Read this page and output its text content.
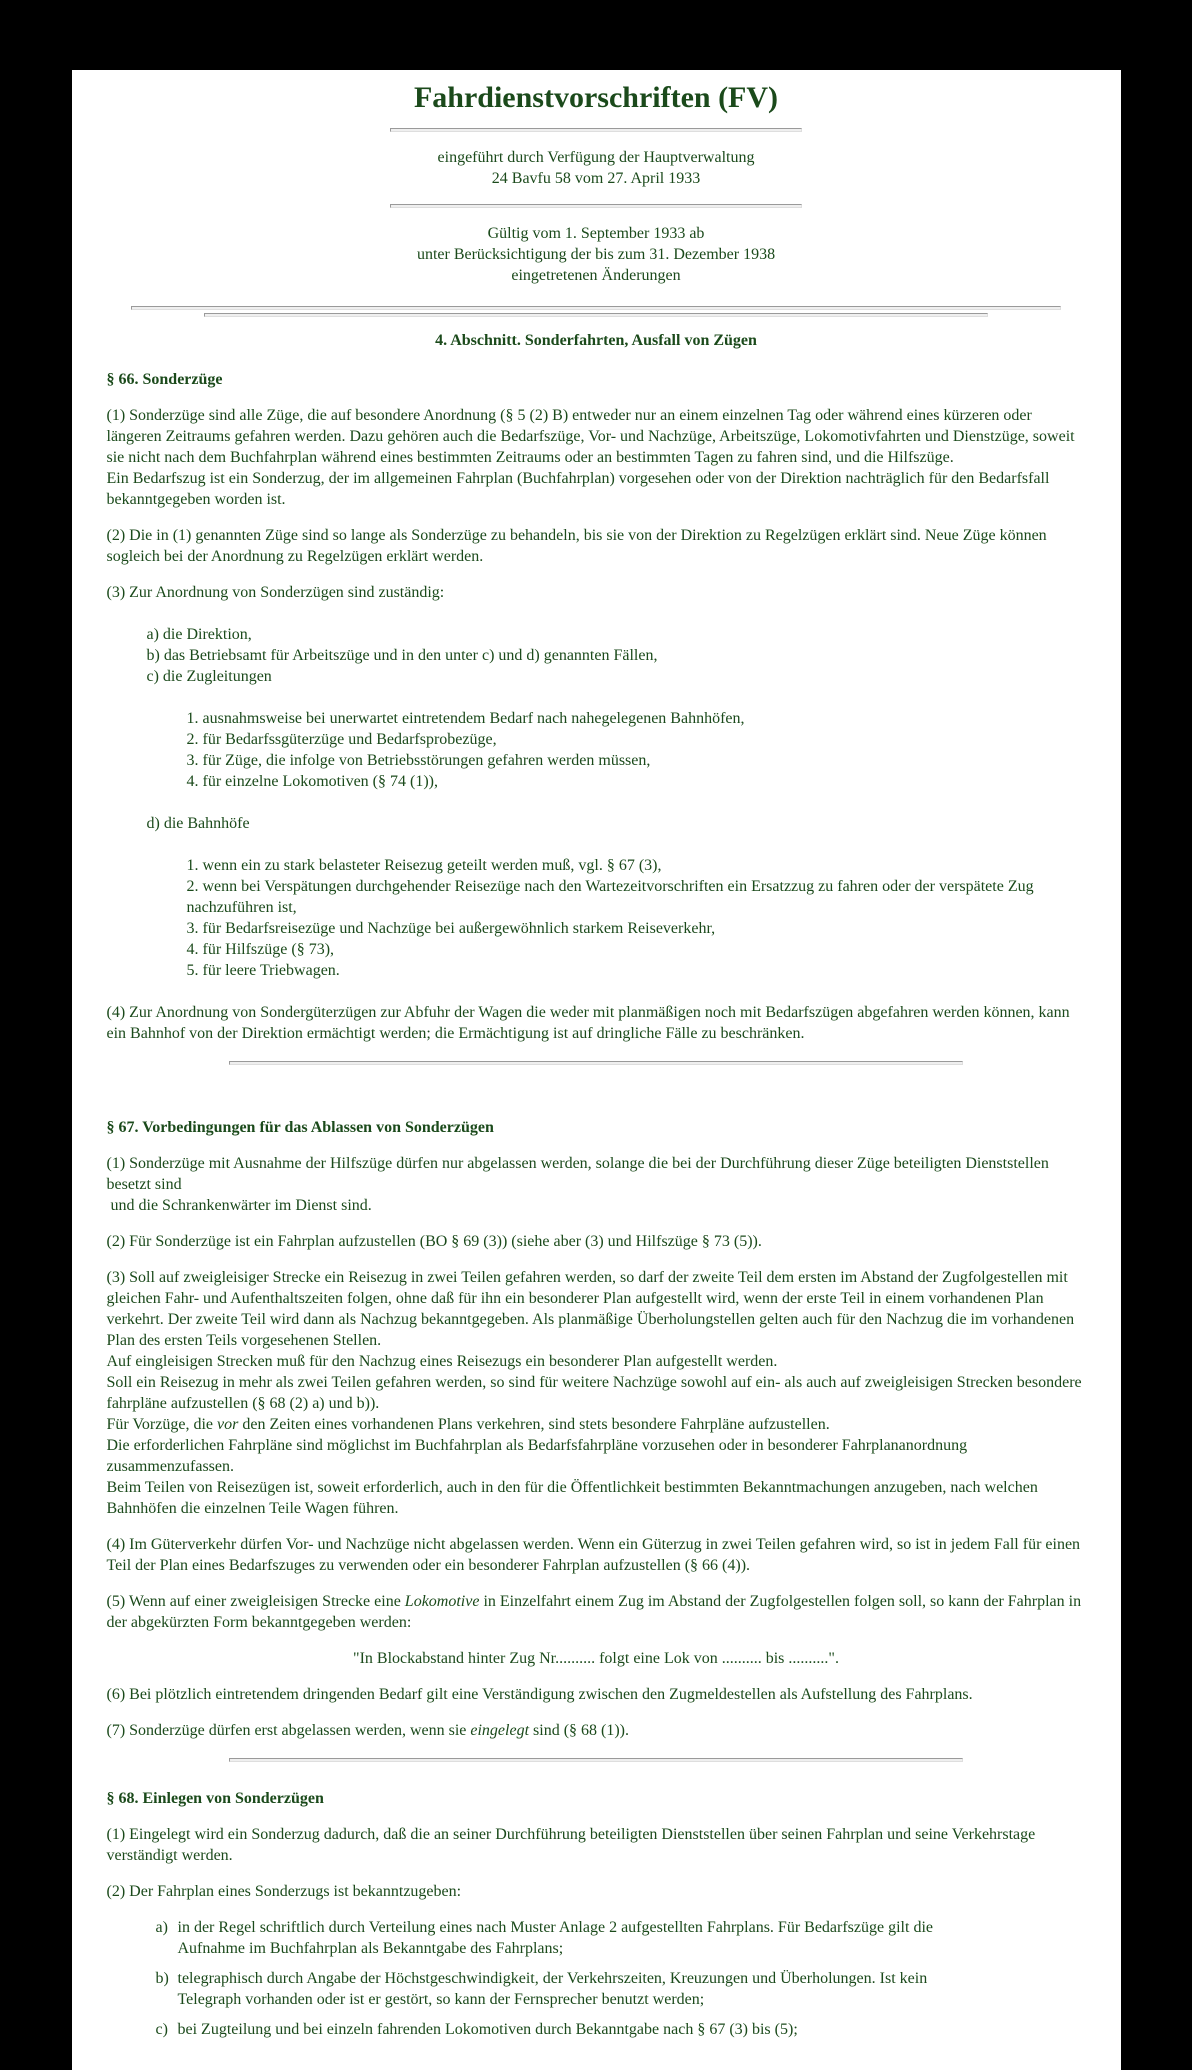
Fahrdienstvorschriften (FV)

eingeführt durch Verfügung der Hauptverwaltung
24 Bavfu 58 vom 27. April 1933

Gültig vom 1. September 1933 ab
unter Berücksichtigung der bis zum 31. Dezember 1938
eingetretenen Änderungen

4. Abschnitt. Sonderfahrten, Ausfall von Zügen
§ 66. Sonderzüge

(1) Sonderzüge sind alle Züge, die auf besondere Anordnung (§ 5 (2) B) entweder nur an einem einzelnen Tag oder während eines kürzeren oder längeren Zeitraums gefahren werden. Dazu gehören auch die Bedarfszüge, Vor- und Nachzüge, Arbeitszüge, Lokomotivfahrten und Dienstzüge, soweit sie nicht nach dem Buchfahrplan während eines bestimmten Zeitraums oder an bestimmten Tagen zu fahren sind, und die Hilfszüge.
Ein Bedarfszug ist ein Sonderzug, der im allgemeinen Fahrplan (Buchfahrplan) vorgesehen oder von der Direktion nachträglich für den Bedarfsfall bekanntgegeben worden ist.

(2) Die in (1) genannten Züge sind so lange als Sonderzüge zu behandeln, bis sie von der Direktion zu Regelzügen erklärt sind. Neue Züge können sogleich bei der Anordnung zu Regelzügen erklärt werden.

(3) Zur Anordnung von Sonderzügen sind zuständig:

a) die Direktion,
b) das Betriebsamt für Arbeitszüge und in den unter c) und d) genannten Fällen,
c) die Zugleitungen
1. ausnahmsweise bei unerwartet eintretendem Bedarf nach nahegelegenen Bahnhöfen,
2. für Bedarfssgüterzüge und Bedarfsprobezüge,
3. für Züge, die infolge von Betriebsstörungen gefahren werden müssen,
4. für einzelne Lokomotiven (§ 74 (1)),
d) die Bahnhöfe
1. wenn ein zu stark belasteter Reisezug geteilt werden muß, vgl. § 67 (3),
2. wenn bei Verspätungen durchgehender Reisezüge nach den Wartezeitvorschriften ein Ersatzzug zu fahren oder der verspätete Zug
nachzuführen ist,
3. für Bedarfsreisezüge und Nachzüge bei außergewöhnlich starkem Reiseverkehr,
4. für Hilfszüge (§ 73),
5. für leere Triebwagen.

(4) Zur Anordnung von Sondergüterzügen zur Abfuhr der Wagen die weder mit planmäßigen noch mit Bedarfszügen abgefahren werden können, kann ein Bahnhof von der Direktion ermächtigt werden; die Ermächtigung ist auf dringliche Fälle zu beschränken.

§ 67. Vorbedingungen für das Ablassen von Sonderzügen

(1) Sonderzüge mit Ausnahme der Hilfszüge dürfen nur abgelassen werden, solange die bei der Durchführung dieser Züge beteiligten Dienststellen besetzt sind
und die Schrankenwärter im Dienst sind.

(2) Für Sonderzüge ist ein Fahrplan aufzustellen (BO § 69 (3)) (siehe aber (3) und Hilfszüge § 73 (5)).

(3) Soll auf zweigleisiger Strecke ein Reisezug in zwei Teilen gefahren werden, so darf der zweite Teil dem ersten im Abstand der Zugfolgestellen mit gleichen Fahr- und Aufenthaltszeiten folgen, ohne daß für ihn ein besonderer Plan aufgestellt wird, wenn der erste Teil in einem vorhandenen Plan verkehrt. Der zweite Teil wird dann als Nachzug bekanntgegeben. Als planmäßige Überholungstellen gelten auch für den Nachzug die im vorhandenen Plan des ersten Teils vorgesehenen Stellen.
Auf eingleisigen Strecken muß für den Nachzug eines Reisezugs ein besonderer Plan aufgestellt werden.
Soll ein Reisezug in mehr als zwei Teilen gefahren werden, so sind für weitere Nachzüge sowohl auf ein- als auch auf zweigleisigen Strecken besondere fahrpläne aufzustellen (§ 68 (2) a) und b)).
Für Vorzüge, die vor den Zeiten eines vorhandenen Plans verkehren, sind stets besondere Fahrpläne aufzustellen.
Die erforderlichen Fahrpläne sind möglichst im Buchfahrplan als Bedarfsfahrpläne vorzusehen oder in besonderer Fahrplananordnung zusammenzufassen.
Beim Teilen von Reisezügen ist, soweit erforderlich, auch in den für die Öffentlichkeit bestimmten Bekanntmachungen anzugeben, nach welchen Bahnhöfen die einzelnen Teile Wagen führen.

(4) Im Güterverkehr dürfen Vor- und Nachzüge nicht abgelassen werden. Wenn ein Güterzug in zwei Teilen gefahren wird, so ist in jedem Fall für einen Teil der Plan eines Bedarfszuges zu verwenden oder ein besonderer Fahrplan aufzustellen (§ 66 (4)).

(5) Wenn auf einer zweigleisigen Strecke eine Lokomotive in Einzelfahrt einem Zug im Abstand der Zugfolgestellen folgen soll, so kann der Fahrplan in der abgekürzten Form bekanntgegeben werden:

"In Blockabstand hinter Zug Nr.......... folgt eine Lok von .......... bis ..........".

(6) Bei plötzlich eintretendem dringenden Bedarf gilt eine Verständigung zwischen den Zugmeldestellen als Aufstellung des Fahrplans.

(7) Sonderzüge dürfen erst abgelassen werden, wenn sie eingelegt sind (§ 68 (1)).

§ 68. Einlegen von Sonderzügen

(1) Eingelegt wird ein Sonderzug dadurch, daß die an seiner Durchführung beteiligten Dienststellen über seinen Fahrplan und seine Verkehrstage verständigt werden.

(2) Der Fahrplan eines Sonderzugs ist bekanntzugeben:

a) in der Regel schriftlich durch Verteilung eines nach Muster Anlage 2 aufgestellten Fahrplans. Für Bedarfszüge gilt die
Aufnahme im Buchfahrplan als Bekanntgabe des Fahrplans;
b) telegraphisch durch Angabe der Höchstgeschwindigkeit, der Verkehrszeiten, Kreuzungen und Überholungen. Ist kein
Telegraph vorhanden oder ist er gestört, so kann der Fernsprecher benutzt werden;
c) bei Zugteilung und bei einzeln fahrenden Lokomotiven durch Bekanntgabe nach § 67 (3) bis (5);
